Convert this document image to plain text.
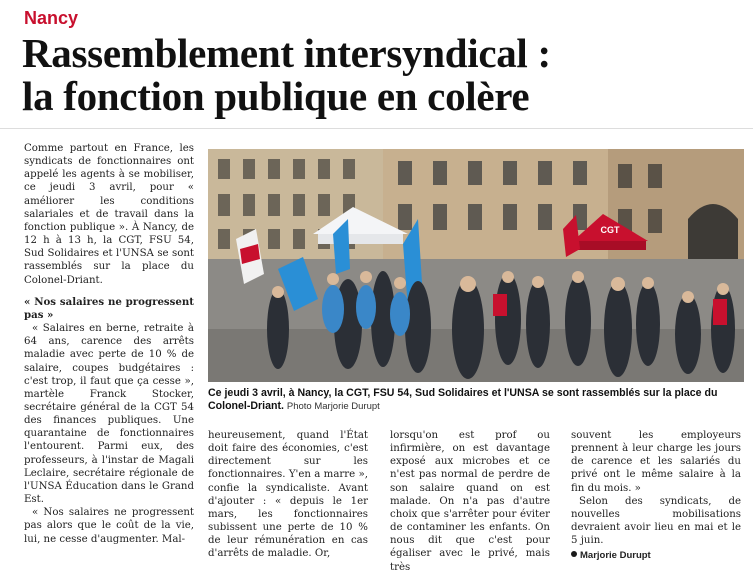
Nancy
Rassemblement intersyndical :
la fonction publique en colère

Comme partout en France, les syndicats de fonctionnaires ont appelé les agents à se mobiliser, ce jeudi 3 avril, pour « améliorer les conditions salariales et de travail dans la fonction publique ». À Nancy, de 12 h à 13 h, la CGT, FSU 54, Sud Solidaires et l'UNSA se sont rassemblés sur la place du Colonel-Driant.

« Nos salaires ne progressent pas »

« Salaires en berne, retraite à 64 ans, carence des arrêts maladie avec perte de 10 % de salaire, coupes budgétaires : c'est trop, il faut que ça cesse », martèle Franck Stocker, secrétaire général de la CGT 54 des finances publiques. Une quarantaine de fonctionnaires l'entourent. Parmi eux, des professeurs, à l'instar de Magali Leclaire, secrétaire régionale de l'UNSA Éducation dans le Grand Est.

« Nos salaires ne progressent pas alors que le coût de la vie, lui, ne cesse d'augmenter. Mal-

CGT
Ce jeudi 3 avril, à Nancy, la CGT, FSU 54, Sud Solidaires et l'UNSA se sont rassemblés sur la place du Colonel-Driant. Photo Marjorie Durupt

heureusement, quand l'État doit faire des économies, c'est directement sur les fonctionnaires. Y'en a marre », confie la syndicaliste. Avant d'ajouter : « depuis le 1er mars, les fonctionnaires subissent une perte de 10 % de leur rémunération en cas d'arrêts de maladie. Or,

lorsqu'on est prof ou infirmière, on est davantage exposé aux microbes et ce n'est pas normal de perdre de son salaire quand on est malade. On n'a pas d'autre choix que s'arrêter pour éviter de contaminer les enfants. On nous dit que c'est pour égaliser avec le privé, mais très

souvent les employeurs prennent à leur charge les jours de carence et les salariés du privé ont le même salaire à la fin du mois. »

Selon des syndicats, de nouvelles mobilisations devraient avoir lieu en mai et le 5 juin.

Marjorie Durupt
